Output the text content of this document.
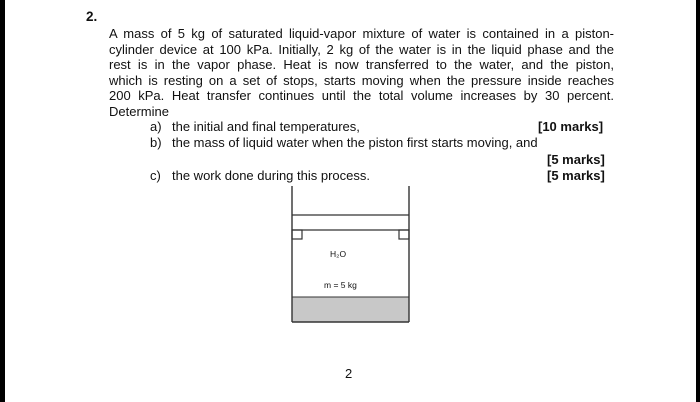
2.
A mass of 5 kg of saturated liquid-vapor mixture of water is contained in a piston-
cylinder device at 100 kPa. Initially, 2 kg of the water is in the liquid phase and the
rest is in the vapor phase. Heat is now transferred to the water, and the piston,
which is resting on a set of stops, starts moving when the pressure inside reaches
200 kPa. Heat transfer continues until the total volume increases by 30 percent.
Determine
a) the initial and final temperatures,	[10 marks]
b) the mass of liquid water when the piston first starts moving, and
[5 marks]
c) the work done during this process.	[5 marks]
H₂O
m = 5 kg
2
